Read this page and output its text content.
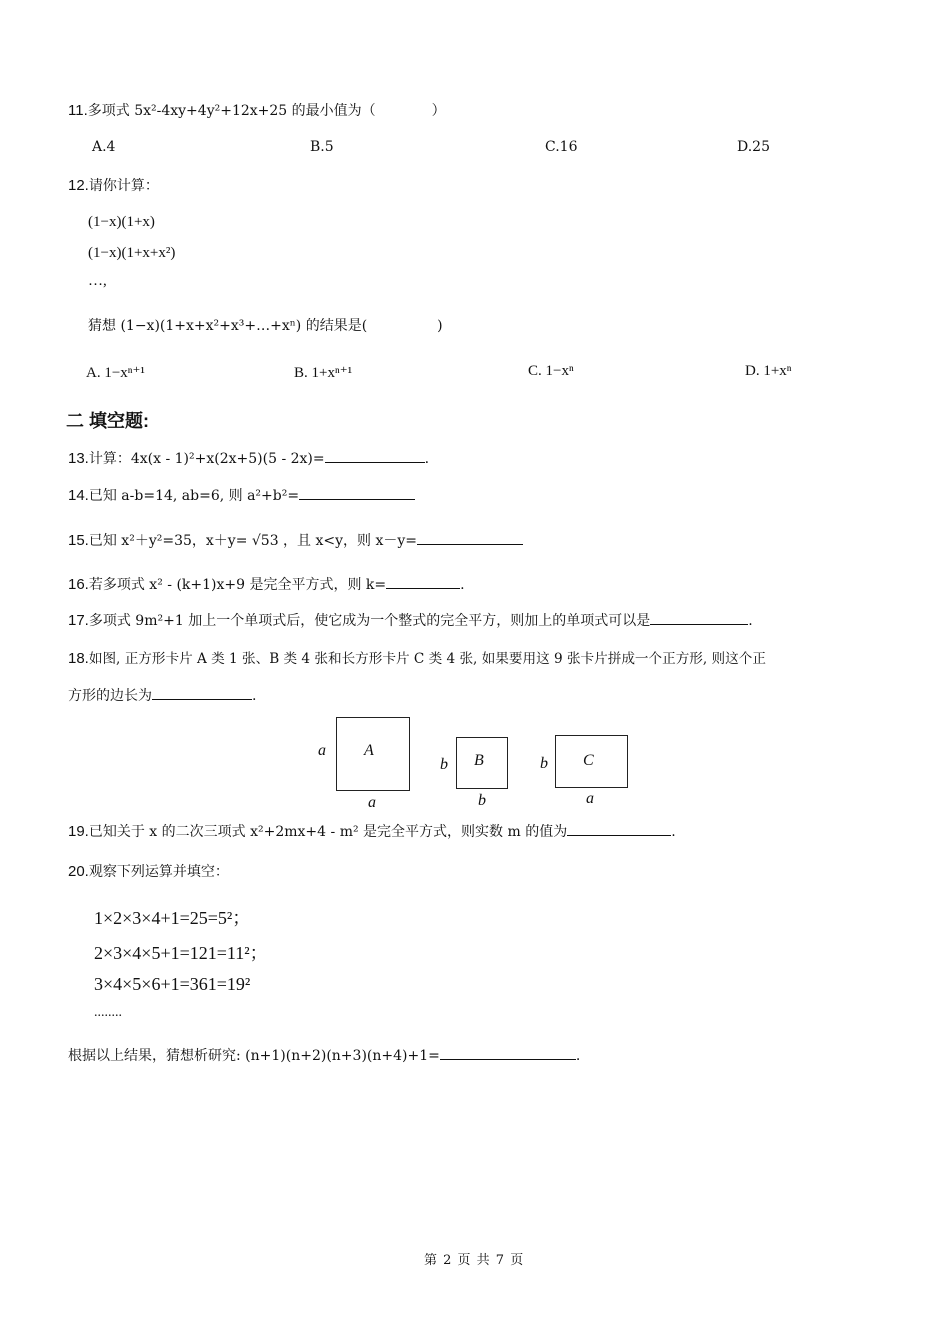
11.多项式 5x²-4xy+4y²+12x+25 的最小值为（　　　　）
A.4	B.5	C.16	D.25
12.请你计算：
(1−x)(1+x)
(1−x)(1+x+x²)
…,
猜想 (1−x)(1+x+x²+x³+…+xⁿ) 的结果是(　　　　　)
A. 1−xⁿ⁺¹	B. 1+xⁿ⁺¹	C. 1−xⁿ	D. 1+xⁿ
二 填空题:
13.计算：4x(x - 1)²+x(2x+5)(5 - 2x)=	.
14.已知 a-b=14, ab=6, 则 a²+b²=
15.已知 x²＋y²=35，x＋y= √53 ，且 x<y，则 x－y=
16.若多项式 x² - (k+1)x+9 是完全平方式，则 k=	.
17.多项式 9m²+1 加上一个单项式后，使它成为一个整式的完全平方，则加上的单项式可以是	.
18.如图, 正方形卡片 A 类 1 张、B 类 4 张和长方形卡片 C 类 4 张, 如果要用这 9 张卡片拼成一个正方形, 则这个正
方形的边长为	.
a A
a
b B
b
b C
a
19.已知关于 x 的二次三项式 x²+2mx+4 - m² 是完全平方式，则实数 m 的值为	.
20.观察下列运算并填空：
1×2×3×4+1=25=5²；
2×3×4×5+1=121=11²；
3×4×5×6+1=361=19²
........
根据以上结果，猜想析研究: (n+1)(n+2)(n+3)(n+4)+1=	.
第 2 页 共 7 页
